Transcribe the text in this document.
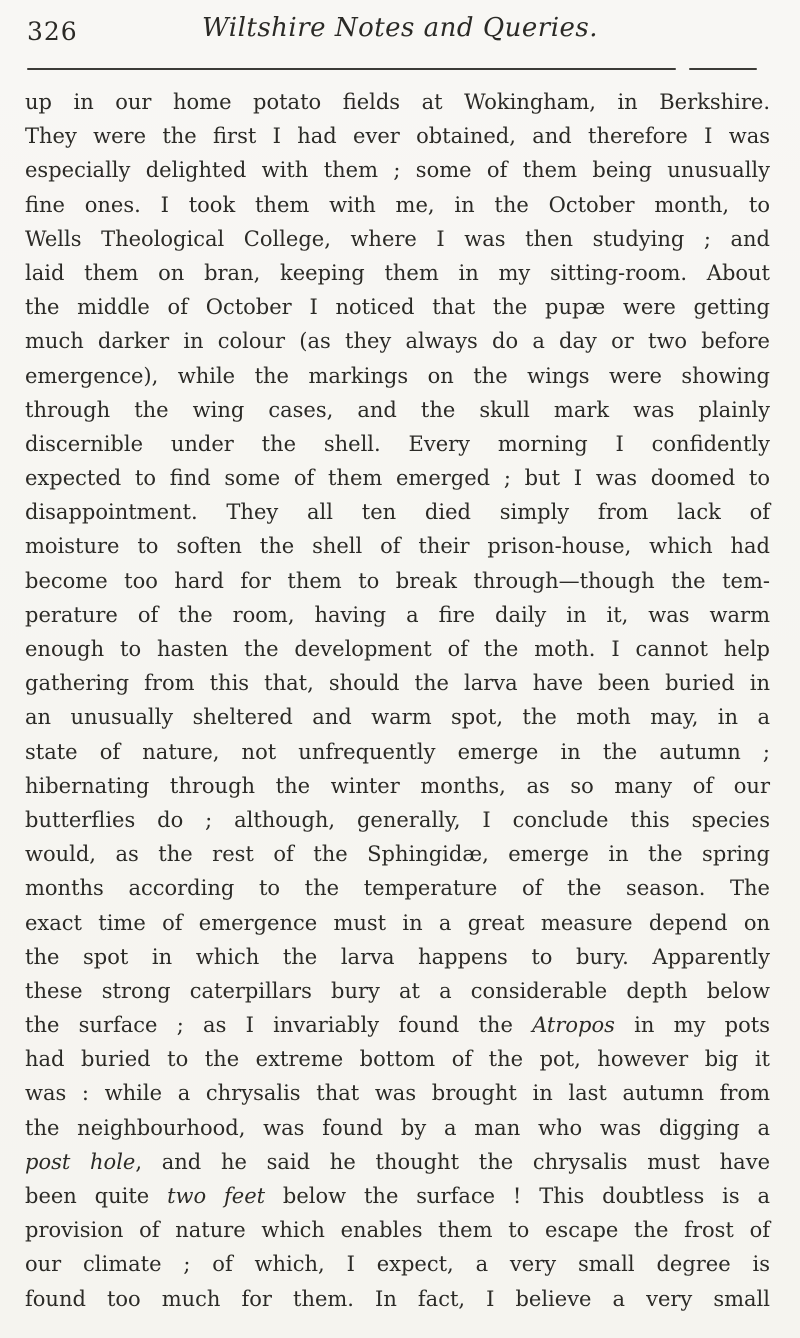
326	Wiltshire Notes and Queries.
up in our home potato fields at Wokingham, in Berkshire.
They were the first I had ever obtained, and therefore I was
especially delighted with them ; some of them being unusually
fine ones. I took them with me, in the October month, to
Wells Theological College, where I was then studying ; and
laid them on bran, keeping them in my sitting-room. About
the middle of October I noticed that the pupæ were getting
much darker in colour (as they always do a day or two before
emergence), while the markings on the wings were showing
through the wing cases, and the skull mark was plainly
discernible under the shell. Every morning I confidently
expected to find some of them emerged ; but I was doomed to
disappointment. They all ten died simply from lack of
moisture to soften the shell of their prison-house, which had
become too hard for them to break through—though the tem-
perature of the room, having a fire daily in it, was warm
enough to hasten the development of the moth. I cannot help
gathering from this that, should the larva have been buried in
an unusually sheltered and warm spot, the moth may, in a
state of nature, not unfrequently emerge in the autumn ;
hibernating through the winter months, as so many of our
butterflies do ; although, generally, I conclude this species
would, as the rest of the Sphingidæ, emerge in the spring
months according to the temperature of the season. The
exact time of emergence must in a great measure depend on
the spot in which the larva happens to bury. Apparently
these strong caterpillars bury at a considerable depth below
the surface ; as I invariably found the Atropos in my pots
had buried to the extreme bottom of the pot, however big it
was : while a chrysalis that was brought in last autumn from
the neighbourhood, was found by a man who was digging a
post hole, and he said he thought the chrysalis must have
been quite two feet below the surface ! This doubtless is a
provision of nature which enables them to escape the frost of
our climate ; of which, I expect, a very small degree is
found too much for them. In fact, I believe a very small
